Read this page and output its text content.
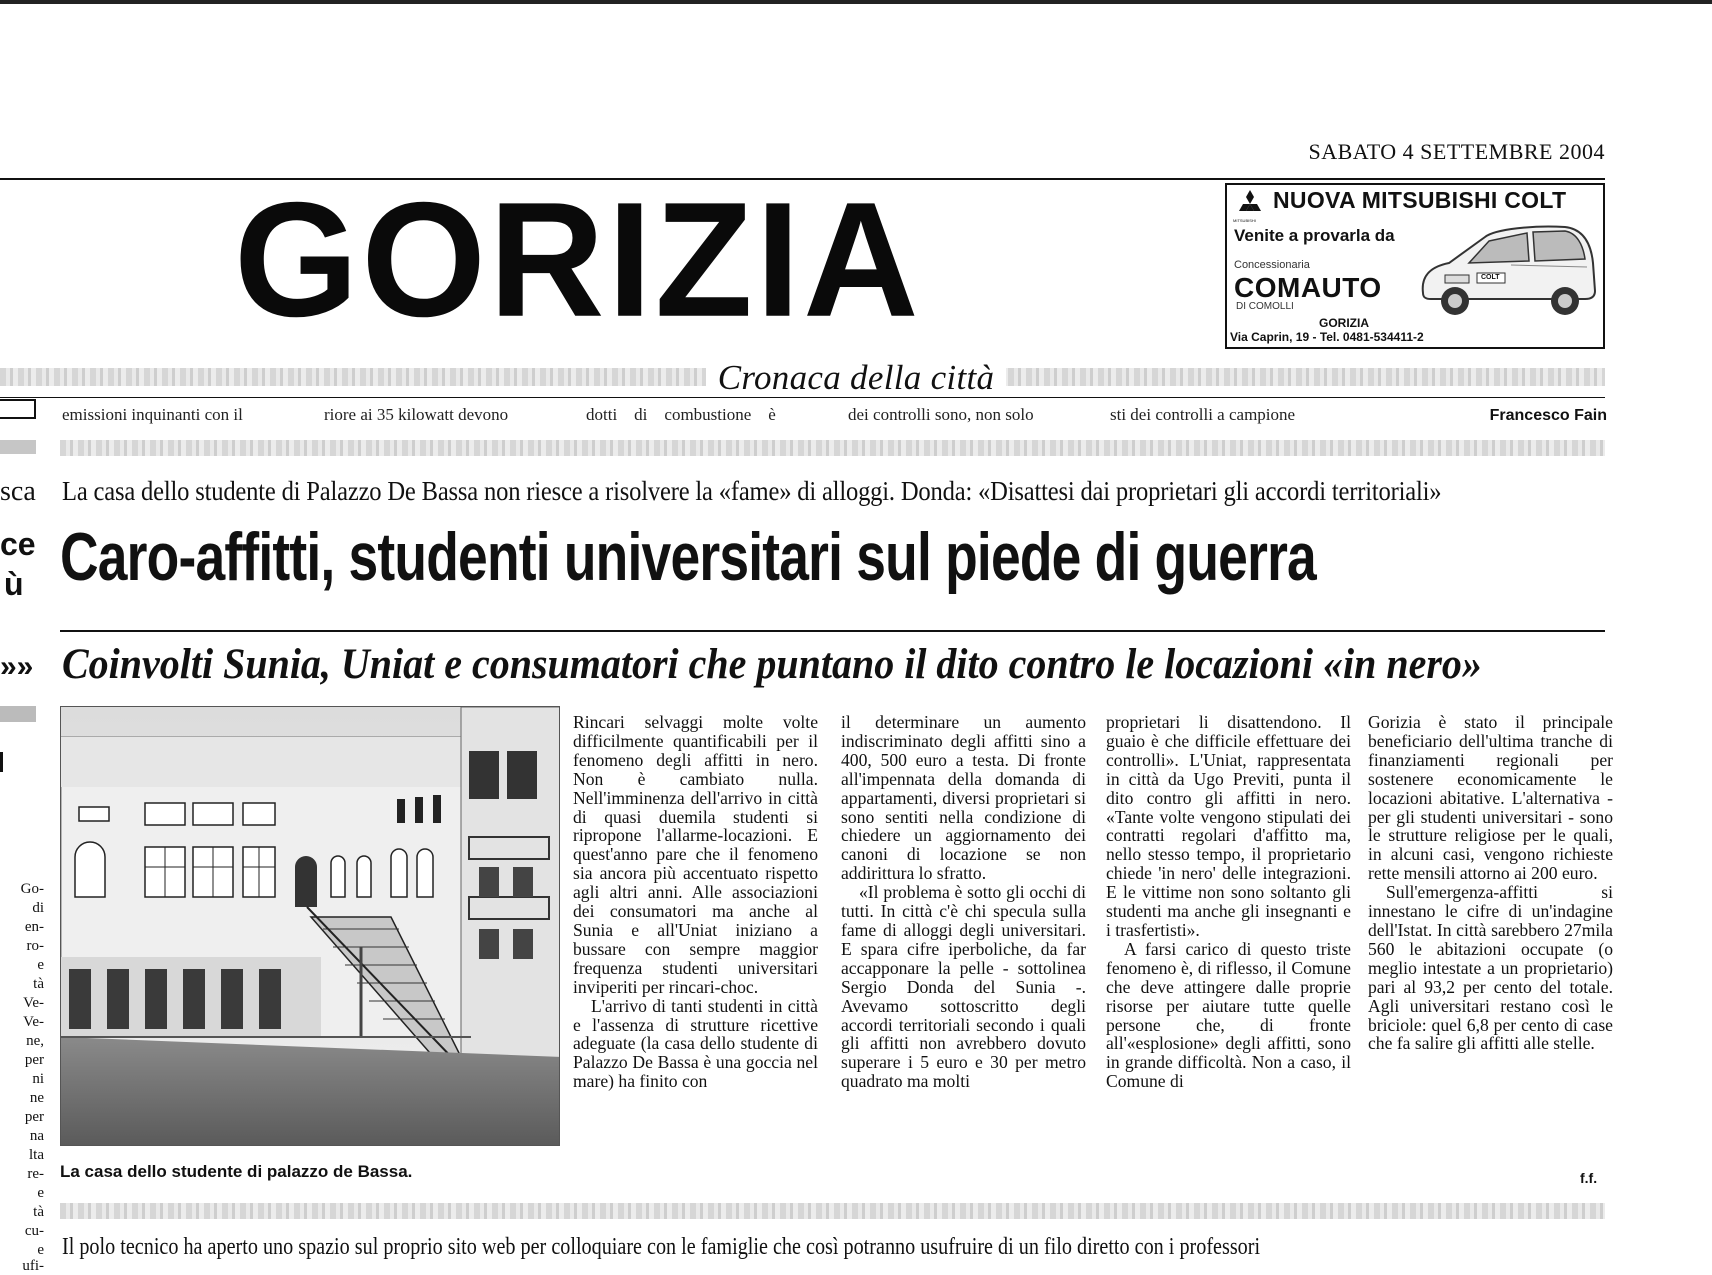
sca
ce
ù
»»
Go-
di
en-
ro-
e
tà
Ve-
Ve-
ne,
per
ni
ne
per
na
lta
re-
e
tà
cu-
e
ufi-
SABATO 4 SETTEMBRE 2004
GORIZIA	MITSUBISHI
NUOVA MITSUBISHI COLT
Venite a provarla da
Concessionaria
COMAUTO
DI COMOLLI
GORIZIA
Via Caprin, 19 - Tel. 0481-534411-2
COLT
Cronaca della città
emissioni inquinanti con il	riore ai 35 kilowatt devono	dotti    di    combustione    è	dei controlli sono, non solo	sti dei controlli a campione	Francesco Fain
La casa dello studente di Palazzo De Bassa non riesce a risolvere la «fame» di alloggi. Donda: «Disattesi dai proprietari gli accordi territoriali»
Caro-affitti, studenti universitari sul piede di guerra
Coinvolti Sunia, Uniat e consumatori che puntano il dito contro le locazioni «in nero»
La casa dello studente di palazzo de Bassa.

Rincari selvaggi molte volte difficilmente quantificabili per il fenomeno degli affitti in nero. Non è cambiato nulla. Nell'imminenza dell'arrivo in città di quasi duemila studenti si ripropone l'allarme-locazioni. E quest'anno pare che il fenomeno sia ancora più accentuato rispetto agli altri anni. Alle associazioni dei consumatori ma anche al Sunia e all'Uniat iniziano a bussare con sempre maggior frequenza studenti universitari inviperiti per rincari-choc.

L'arrivo di tanti studenti in città e l'assenza di strutture ricettive adeguate (la casa dello studente di Palazzo De Bassa è una goccia nel mare) ha finito con

il determinare un aumento indiscriminato degli affitti sino a 400, 500 euro a testa. Di fronte all'impennata della domanda di appartamenti, diversi proprietari si sono sentiti nella condizione di chiedere un aggiornamento dei canoni di locazione se non addirittura lo sfratto.

«Il problema è sotto gli occhi di tutti. In città c'è chi specula sulla fame di alloggi degli universitari. E spara cifre iperboliche, da far accapponare la pelle - sottolinea Sergio Donda del Sunia -. Avevamo sottoscritto degli accordi territoriali secondo i quali gli affitti non avrebbero dovuto superare i 5 euro e 30 per metro quadrato ma molti

proprietari li disattendono. Il guaio è che difficile effettuare dei controlli». L'Uniat, rappresentata in città da Ugo Previti, punta il dito contro gli affitti in nero. «Tante volte vengono stipulati dei contratti regolari d'affitto ma, nello stesso tempo, il proprietario chiede 'in nero' delle integrazioni. E le vittime non sono soltanto gli studenti ma anche gli insegnanti e i trasfertisti».

A farsi carico di questo triste fenomeno è, di riflesso, il Comune che deve attingere dalle proprie risorse per aiutare tutte quelle persone che, di fronte all'«esplosione» degli affitti, sono in grande difficoltà. Non a caso, il Comune di

Gorizia è stato il principale beneficiario dell'ultima tranche di finanziamenti regionali per sostenere economicamente le locazioni abitative. L'alternativa - per gli studenti universitari - sono le strutture religiose per le quali, in alcuni casi, vengono richieste rette mensili attorno ai 200 euro.

Sull'emergenza-affitti si innestano le cifre di un'indagine dell'Istat. In città sarebbero 27mila 560 le abitazioni occupate (o meglio intestate a un proprietario) pari al 93,2 per cento del totale. Agli universitari restano così le briciole: quel 6,8 per cento di case che fa salire gli affitti alle stelle.

f.f.
Il polo tecnico ha aperto uno spazio sul proprio sito web per colloquiare con le famiglie che così potranno usufruire di un filo diretto con i professori
